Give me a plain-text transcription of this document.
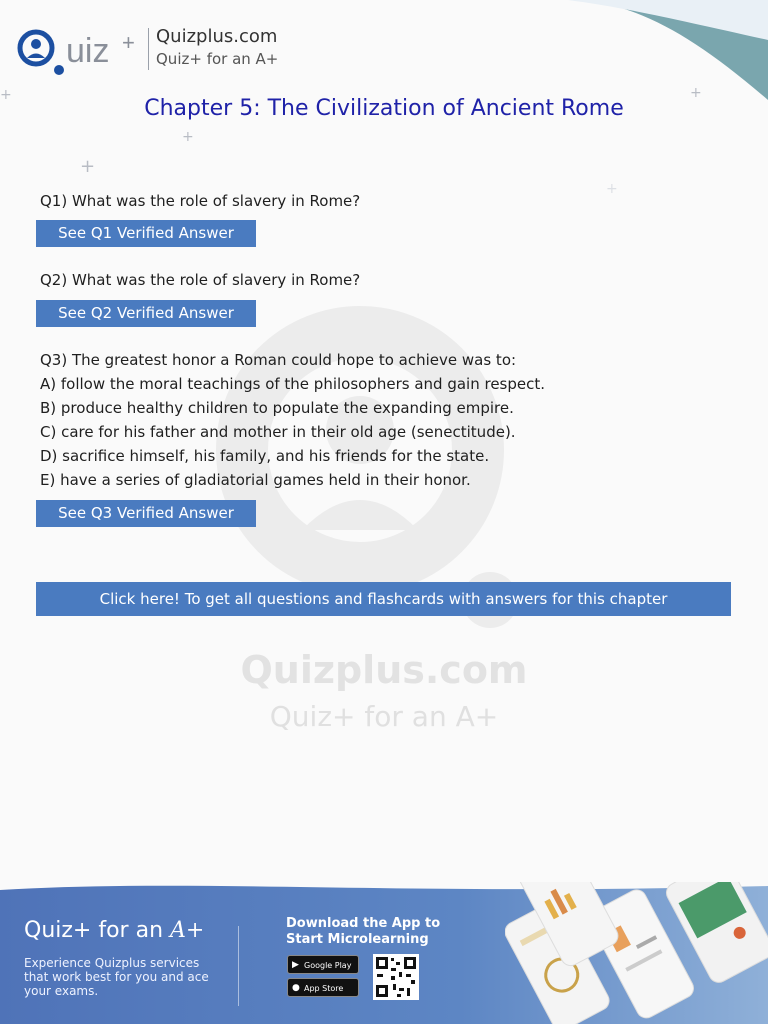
+	+
+
+
+
Quizplus.com
Quiz+ for an A+
uiz + Quizplus.com
Quiz+ for an A+
Chapter 5: The Civilization of Ancient Rome
Q1) What was the role of slavery in Rome?
See Q1 Verified Answer
Q2) What was the role of slavery in Rome?
See Q2 Verified Answer
Q3) The greatest honor a Roman could hope to achieve was to:
A) follow the moral teachings of the philosophers and gain respect.
B) produce healthy children to populate the expanding empire.
C) care for his father and mother in their old age (senectitude).
D) sacrifice himself, his family, and his friends for the state.
E) have a series of gladiatorial games held in their honor.
See Q3 Verified Answer
Click here! To get all questions and flashcards with answers for this chapter
Quiz+ for an A+
Experience Quizplus services that work best for you and ace your exams.
Download the App to Start Microlearning
▶ Google Play
● App Store
